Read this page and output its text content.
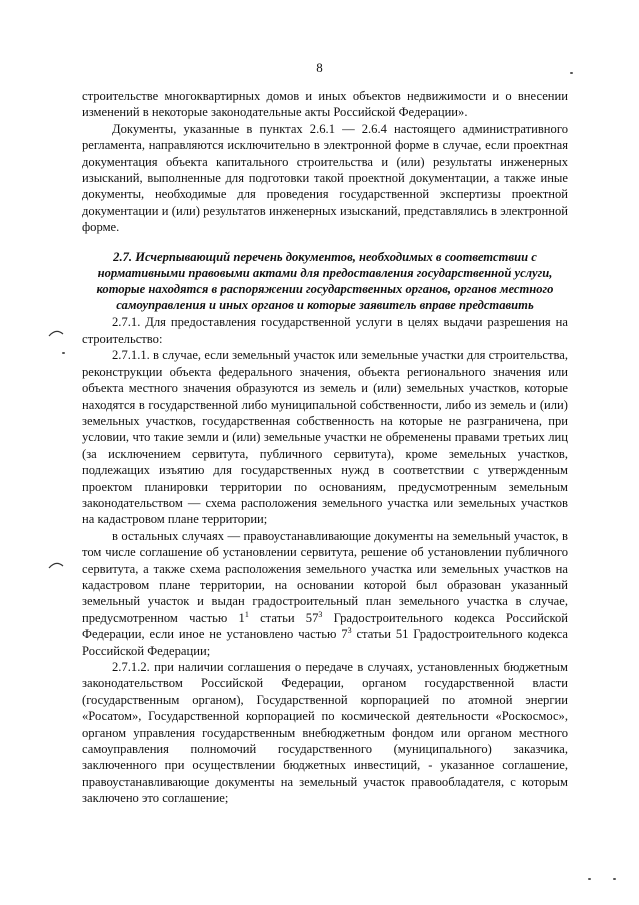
8

строительстве многоквартирных домов и иных объектов недвижимости и о внесении изменений в некоторые законодательные акты Российской Федерации».

Документы, указанные в пунктах 2.6.1 — 2.6.4 настоящего административного регламента, направляются исключительно в электронной форме в случае, если проектная документация объекта капитального строительства и (или) результаты инженерных изысканий, выполненные для подготовки такой проектной документации, а также иные документы, необходимые для проведения государственной экспертизы проектной документации и (или) результатов инженерных изысканий, представлялись в электронной форме.

2.7. Исчерпывающий перечень документов, необходимых в соответствии с нормативными правовыми актами для предоставления государственной услуги, которые находятся в распоряжении государственных органов, органов местного самоуправления и иных органов и которые заявитель вправе представить

2.7.1. Для предоставления государственной услуги в целях выдачи разрешения на строительство:

2.7.1.1. в случае, если земельный участок или земельные участки для строительства, реконструкции объекта федерального значения, объекта регионального значения или объекта местного значения образуются из земель и (или) земельных участков, которые находятся в государственной либо муниципальной собственности, либо из земель и (или) земельных участков, государственная собственность на которые не разграничена, при условии, что такие земли и (или) земельные участки не обременены правами третьих лиц (за исключением сервитута, публичного сервитута), кроме земельных участков, подлежащих изъятию для государственных нужд в соответствии с утвержденным проектом планировки территории по основаниям, предусмотренным земельным законодательством — схема расположения земельного участка или земельных участков на кадастровом плане территории;

в остальных случаях — правоустанавливающие документы на земельный участок, в том числе соглашение об установлении сервитута, решение об установлении публичного сервитута, а также схема расположения земельного участка или земельных участков на кадастровом плане территории, на основании которой был образован указанный земельный участок и выдан градостроительный план земельного участка в случае, предусмотренном частью $1^1$ статьи $57^3$ Градостроительного кодекса Российской Федерации, если иное не установлено частью $7^3$ статьи 51 Градостроительного кодекса Российской Федерации;

2.7.1.2. при наличии соглашения о передаче в случаях, установленных бюджетным законодательством Российской Федерации, органом государственной власти (государственным органом), Государственной корпорацией по атомной энергии «Росатом», Государственной корпорацией по космической деятельности «Роскосмос», органом управления государственным внебюджетным фондом или органом местного самоуправления полномочий государственного (муниципального) заказчика, заключенного при осуществлении бюджетных инвестиций, - указанное соглашение, правоустанавливающие документы на земельный участок правообладателя, с которым заключено это соглашение;
